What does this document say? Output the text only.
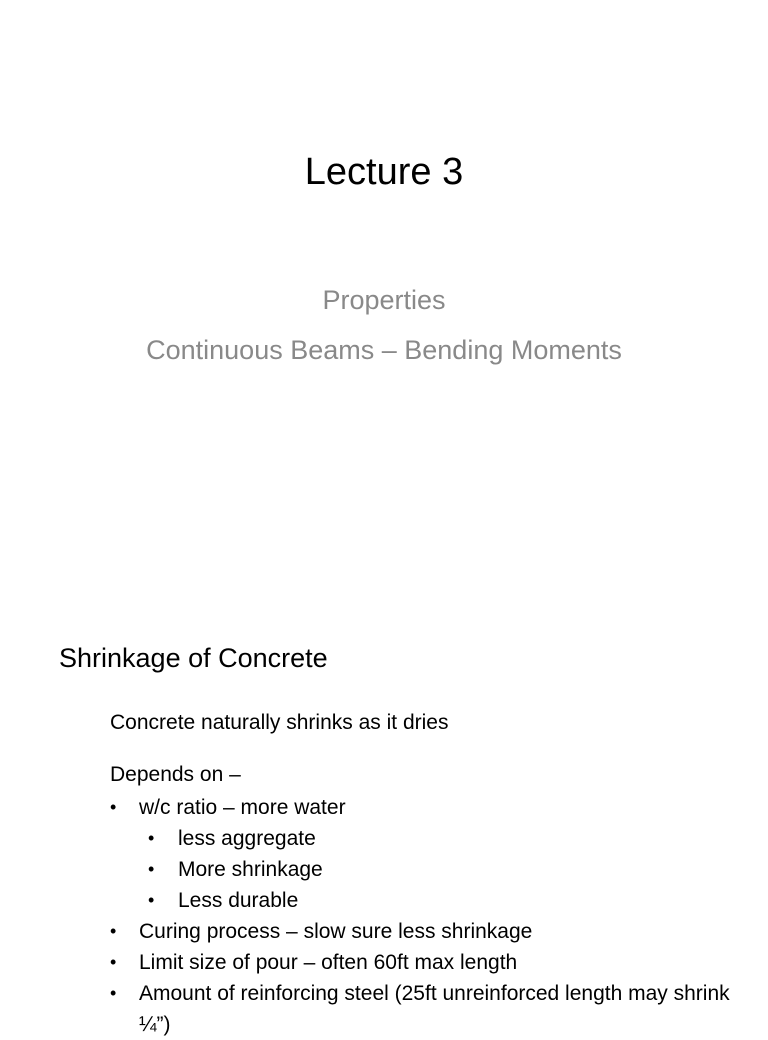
Lecture 3
Properties
Continuous Beams – Bending Moments
Shrinkage of Concrete
Concrete naturally shrinks as it dries
Depends on –
• w/c ratio – more water
• less aggregate
• More shrinkage
• Less durable
• Curing process – slow sure less shrinkage
• Limit size of pour – often 60ft max length
• Amount of reinforcing steel (25ft unreinforced length may shrink ¼”)
